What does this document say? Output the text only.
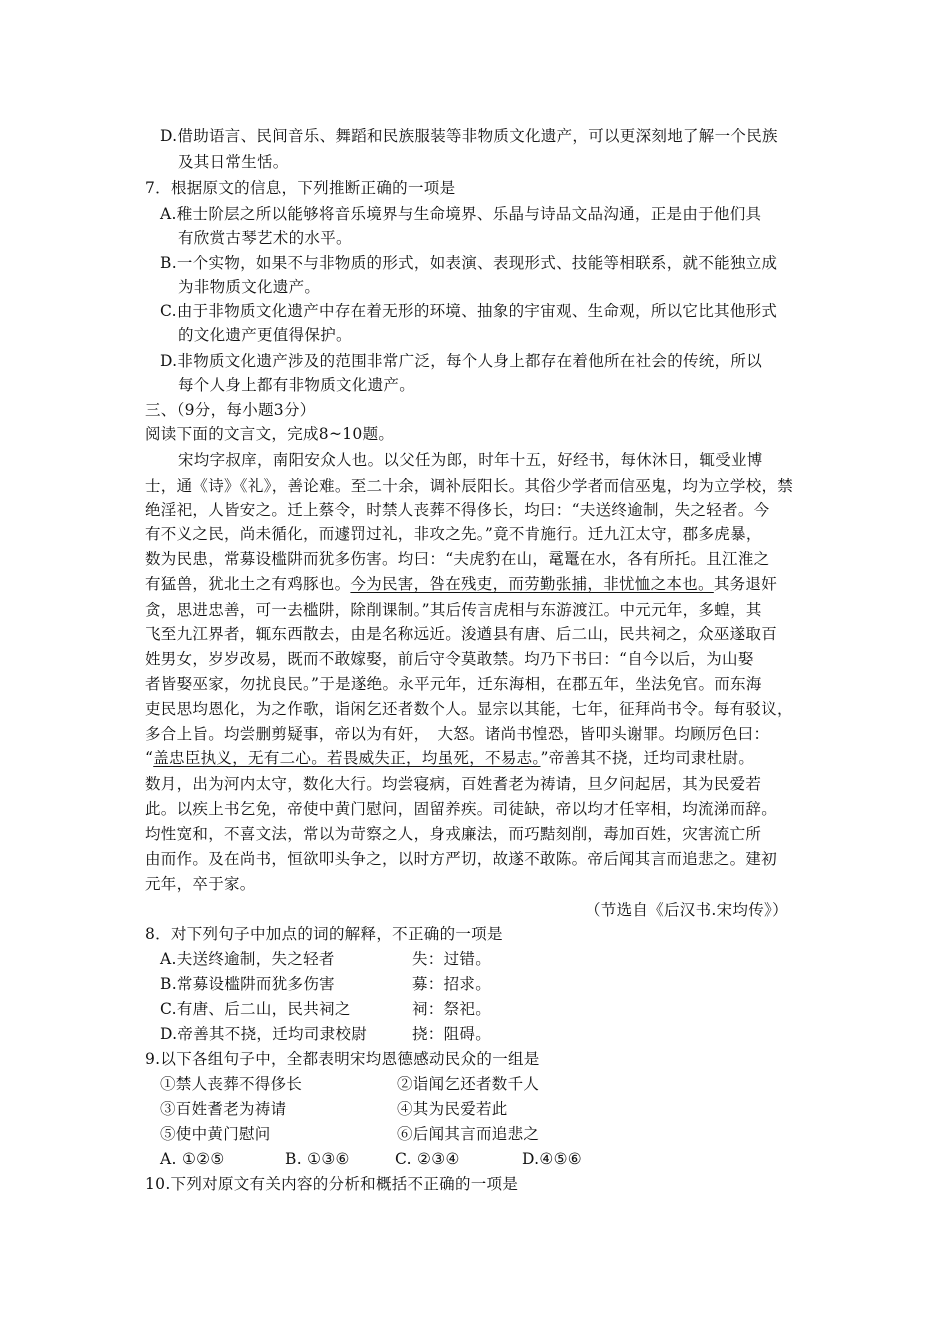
D.借助语言、民间音乐、舞蹈和民族服装等非物质文化遗产，可以更深刻地了解一个民族
及其日常生恬。
7．根据原文的信息，下列推断正确的一项是
A.稚士阶层之所以能够将音乐境界与生命境界、乐晶与诗品文品沟通，正是由于他们具
有欣赏古琴艺术的水平。
B.一个实物，如果不与非物质的形式，如表演、表现形式、技能等相联系，就不能独立成
为非物质文化遗产。
C.由于非物质文化遗产中存在着无形的环境、抽象的宇宙观、生命观，所以它比其他形式
的文化遗产更值得保护。
D.非物质文化遗产涉及的范围非常广泛，每个人身上都存在着他所在社会的传统，所以
每个人身上都有非物质文化遗产。
三、（9分，每小题3分）
阅读下面的文言文，完成8~10题。
宋均字叔庠，南阳安众人也。以父任为郎，时年十五，好经书，每休沐日，辄受业博
士，通《诗》《礼》，善论难。至二十余，调补辰阳长。其俗少学者而信巫鬼，均为立学校，禁
绝淫祀，人皆安之。迁上蔡令，时禁人丧葬不得侈长，均曰：“夫送终逾制，失之轻者。今
有不义之民，尚未循化，而遽罚过礼，非攻之先。”竟不肯施行。迁九江太守，郡多虎暴，
数为民患，常募设槛阱而犹多伤害。均曰：“夫虎豹在山，鼋鼍在水，各有所托。且江淮之
有猛兽，犹北土之有鸡豚也。今为民害，咎在残吏，而劳勤张捕，非忧恤之本也。其务退奸
贪，思进忠善，可一去槛阱，除削课制。”其后传言虎相与东游渡江。中元元年，多蝗，其
飞至九江界者，辄东西散去，由是名称远近。浚遒县有唐、后二山，民共祠之，众巫遂取百
姓男女，岁岁改易，既而不敢嫁娶，前后守令莫敢禁。均乃下书曰：“自今以后，为山娶
者皆娶巫家，勿扰良民。”于是遂绝。永平元年，迁东海相，在郡五年，坐法免官。而东海
吏民思均恩化，为之作歌，诣闲乞还者数个人。显宗以其能，七年，征拜尚书令。每有驳议，
多合上旨。均尝删剪疑事，帝以为有奸，　大怒。诸尚书惶恐，皆叩头谢罪。均顾厉色曰：
“盖忠臣执义，无有二心。若畏威失正，均虽死，不易志。”帝善其不挠，迁均司隶杜尉。
数月，出为河内太守，数化大行。均尝寝病，百姓耆老为祷请，旦夕问起居，其为民爱若
此。以疾上书乞免，帝使中黄门慰问，固留养疾。司徒缺，帝以均才任宰相，均流涕而辞。
均性宽和，不喜文法，常以为苛察之人，身戎廉法，而巧黠刻削，毒加百姓，灾害流亡所
由而作。及在尚书，恒欲叩头争之，以时方严切，故遂不敢陈。帝后闻其言而追悲之。建初
元年，卒于家。
（节选自《后汉书.宋均传》）
8．对下列句子中加点的词的解释，不正确的一项是
A.夫送终逾制，失之轻者	失：过错。
B.常募设槛阱而犹多伤害	募：招求。
C.有唐、后二山，民共祠之	祠：祭祀。
D.帝善其不挠，迁均司隶校尉	挠：阻碍。
9.以下各组句子中，全都表明宋均恩德感动民众的一组是
①禁人丧葬不得侈长	②诣闻乞还者数千人
③百姓耆老为祷请	④其为民爱若此
⑤使中黄门慰问	⑥后闻其言而追悲之
A. ①②⑤	B. ①③⑥	C. ②③④	D.④⑤⑥
10.下列对原文有关内容的分析和概括不正确的一项是
